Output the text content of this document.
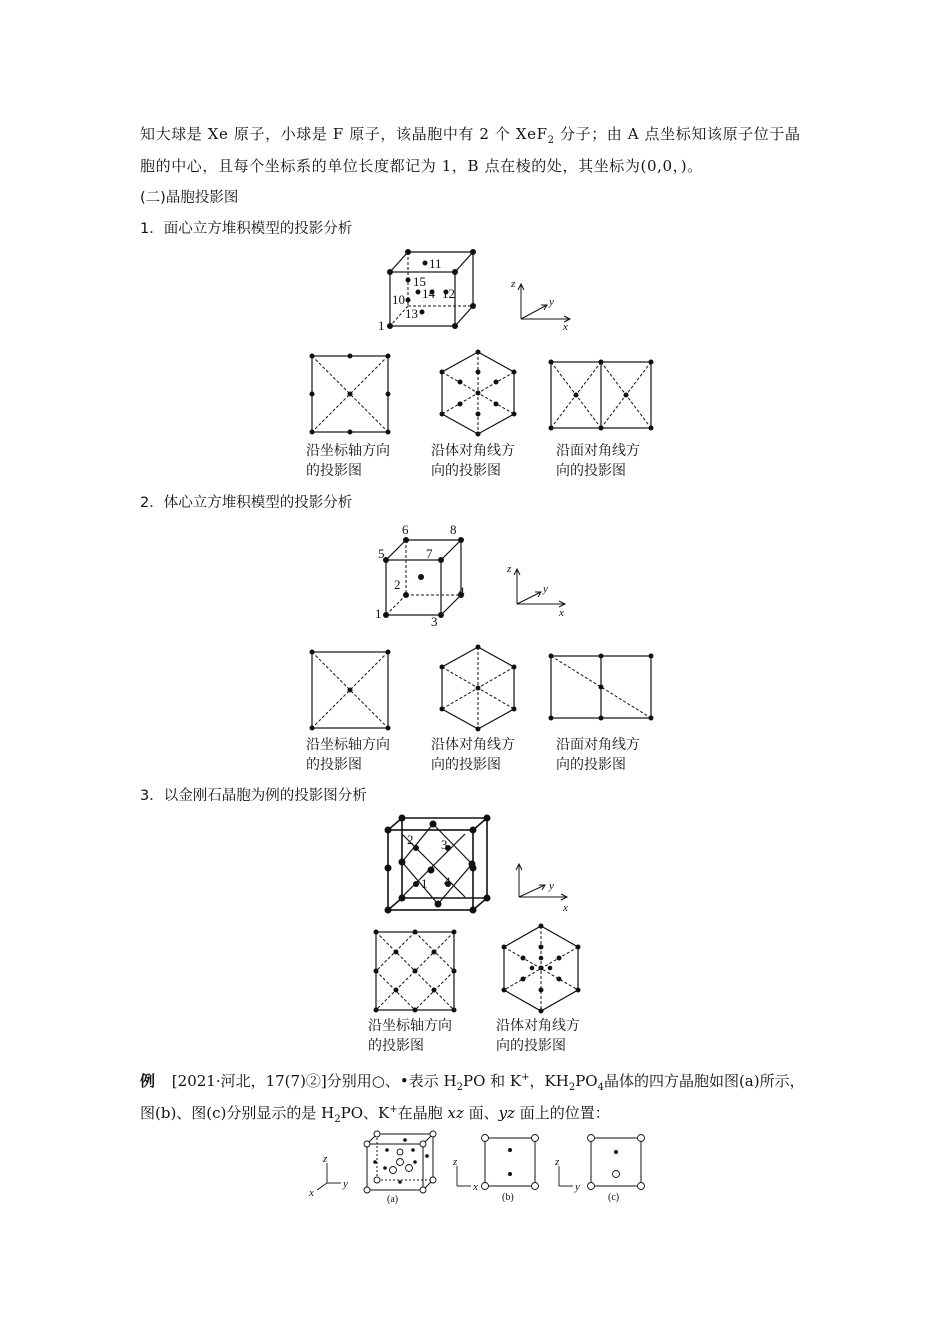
知大球是 Xe 原子，小球是 F 原子，该晶胞中有 2 个 XeF$_2$ 分子；由 A 点坐标知该原子位于晶
胞的中心，且每个坐标系的单位长度都记为 1，B 点在棱的处，其坐标为(0,0，)。
(二)晶胞投影图
1．面心立方堆积模型的投影分析
11
15
10 14 12
13
1
z
y
x
沿坐标轴方向
的投影图
沿体对角线方
向的投影图
沿面对角线方
向的投影图
2．体心立方堆积模型的投影分析
6	8
5	7
2	4
1
3
z
y
x
沿坐标轴方向
的投影图
沿体对角线方
向的投影图
沿面对角线方
向的投影图
3．以金刚石晶胞为例的投影图分析
2 3
1 4	y
x
沿坐标轴方向
的投影图
沿体对角线方
向的投影图
例 [2021·河北，17(7)②]分别用○、•表示 $H_2PO$ 和 K+，$KH_2PO_4$晶体的四方晶胞如图(a)所示，
图(b)、图(c)分别显示的是 $H_2PO$、K+在晶胞 xz 面、yz 面上的位置：
z
y
x
(a)
z
x
(b)
z
y
(c)
